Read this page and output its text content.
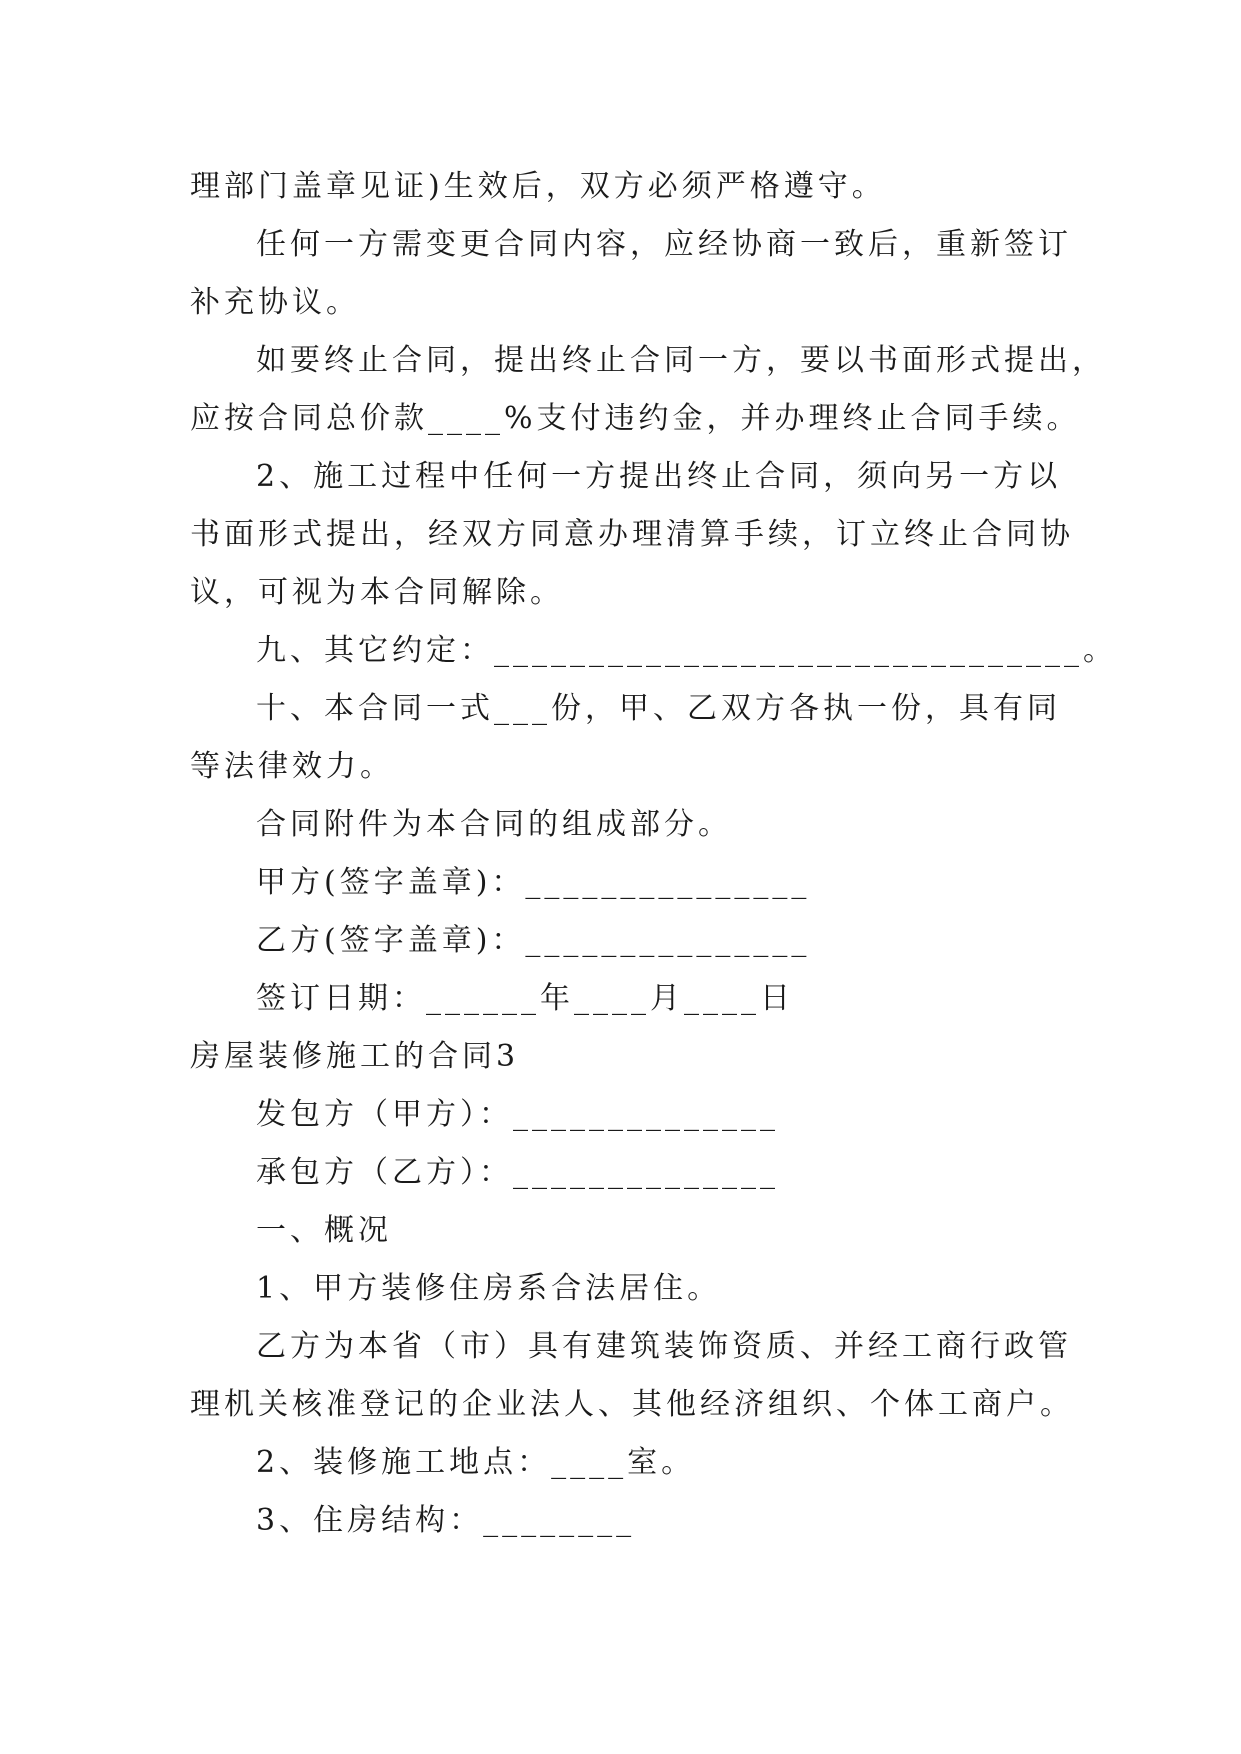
理部门盖章见证)生效后，双方必须严格遵守。
任何一方需变更合同内容，应经协商一致后，重新签订
补充协议。
如要终止合同，提出终止合同一方，要以书面形式提出，
应按合同总价款____%支付违约金，并办理终止合同手续。
2、施工过程中任何一方提出终止合同，须向另一方以
书面形式提出，经双方同意办理清算手续，订立终止合同协
议，可视为本合同解除。
九、其它约定：_______________________________。
十、本合同一式___份，甲、乙双方各执一份，具有同
等法律效力。
合同附件为本合同的组成部分。
甲方(签字盖章)：_______________
乙方(签字盖章)：_______________
签订日期：______年____月____日
房屋装修施工的合同3
发包方（甲方）：______________
承包方（乙方）：______________
一、概况
1、甲方装修住房系合法居住。
乙方为本省（市）具有建筑装饰资质、并经工商行政管
理机关核准登记的企业法人、其他经济组织、个体工商户。
2、装修施工地点：____室。
3、住房结构：________
